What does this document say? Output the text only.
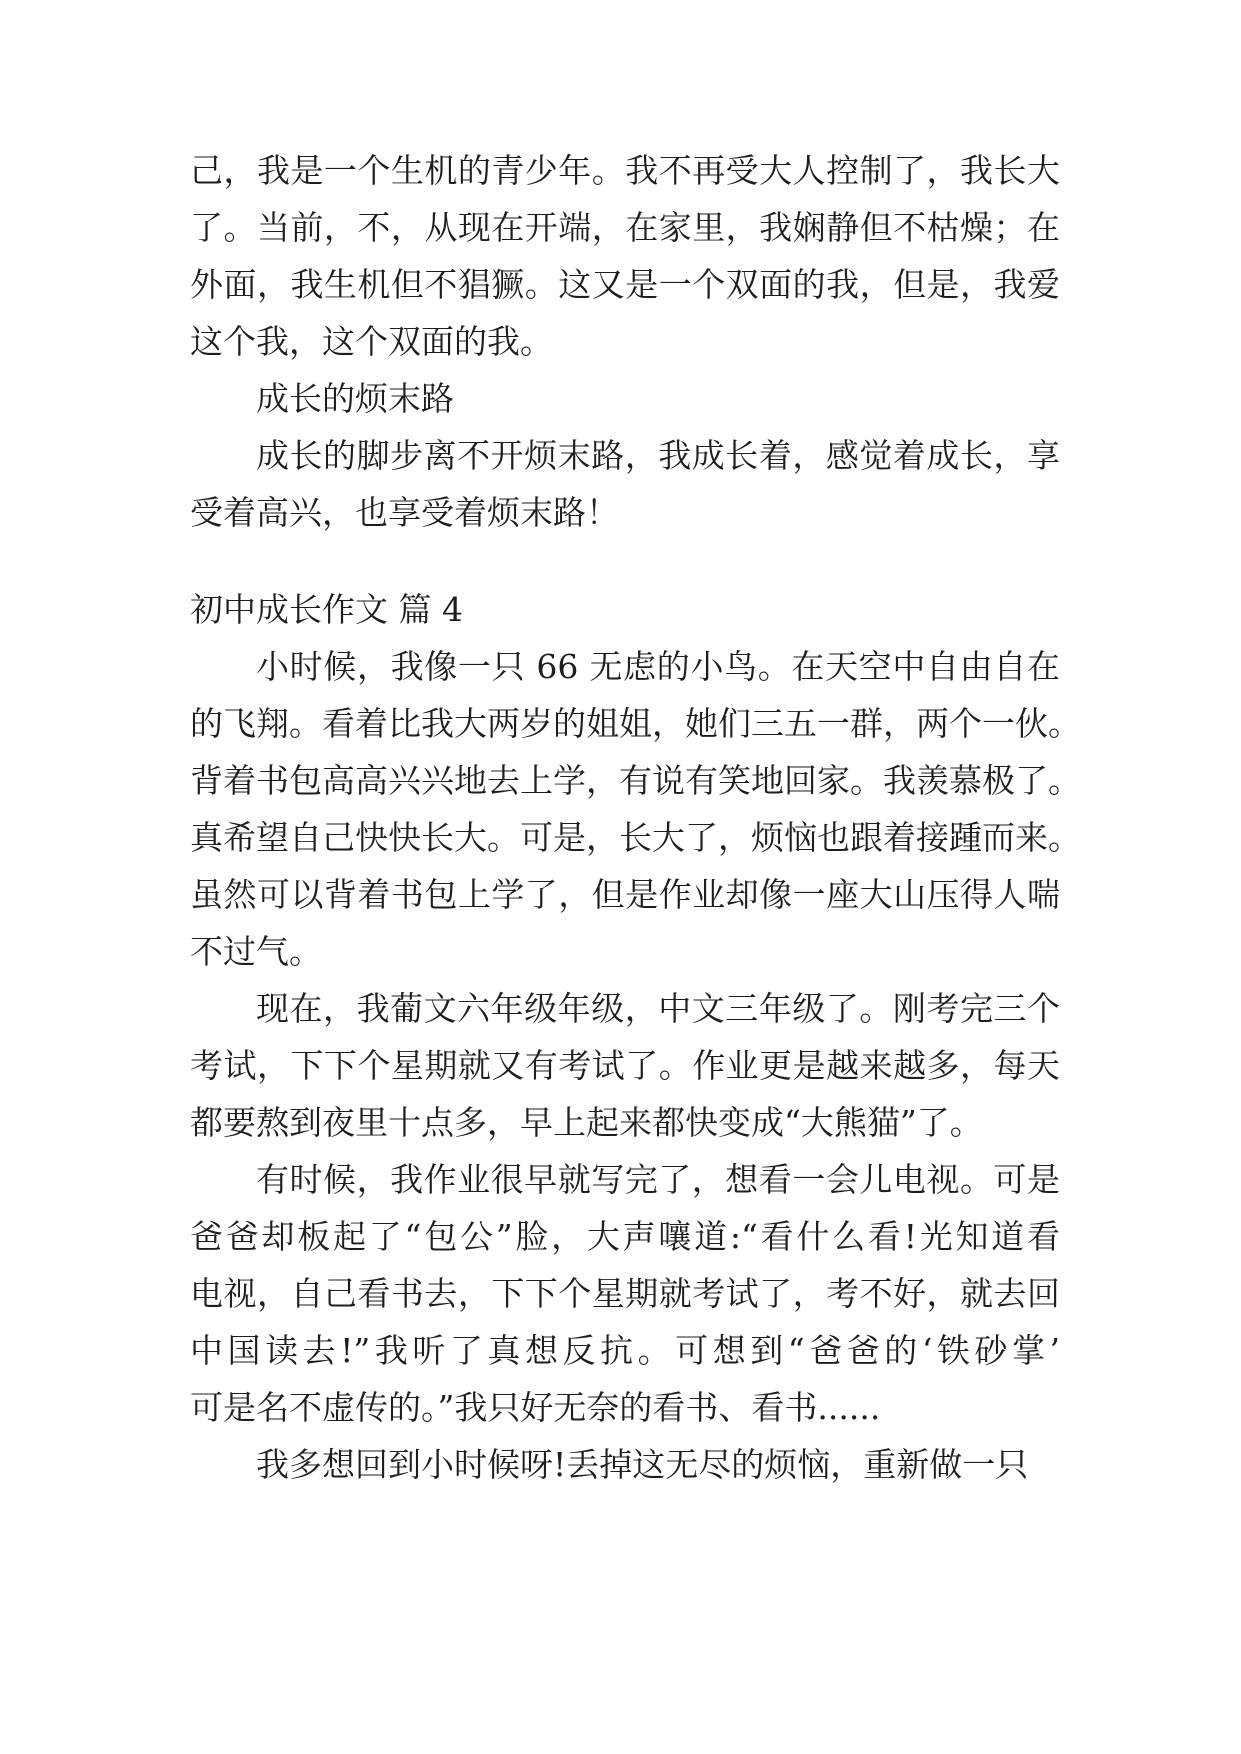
己，我是一个生机的青少年。我不再受大人控制了，我长大
了。当前，不，从现在开端，在家里，我娴静但不枯燥；在
外面，我生机但不猖獗。这又是一个双面的我，但是，我爱
这个我，这个双面的我。
成长的烦末路
成长的脚步离不开烦末路，我成长着，感觉着成长，享
受着高兴，也享受着烦末路！
初中成长作文 篇 4
小时候，我像一只 66 无虑的小鸟。在天空中自由自在
的飞翔。看着比我大两岁的姐姐，她们三五一群，两个一伙。
背着书包高高兴兴地去上学，有说有笑地回家。我羡慕极了。
真希望自己快快长大。可是，长大了，烦恼也跟着接踵而来。
虽然可以背着书包上学了，但是作业却像一座大山压得人喘
不过气。
现在，我葡文六年级年级，中文三年级了。刚考完三个
考试，下下个星期就又有考试了。作业更是越来越多，每天
都要熬到夜里十点多，早上起来都快变成“大熊猫”了。
有时候，我作业很早就写完了，想看一会儿电视。可是
爸爸却板起了“包公”脸，大声嚷道:“看什么看!光知道看
电视，自己看书去，下下个星期就考试了，考不好，就去回
中国读去!”我听了真想反抗。可想到“爸爸的‘铁砂掌’
可是名不虚传的。”我只好无奈的看书、看书......
我多想回到小时候呀!丢掉这无尽的烦恼，重新做一只
